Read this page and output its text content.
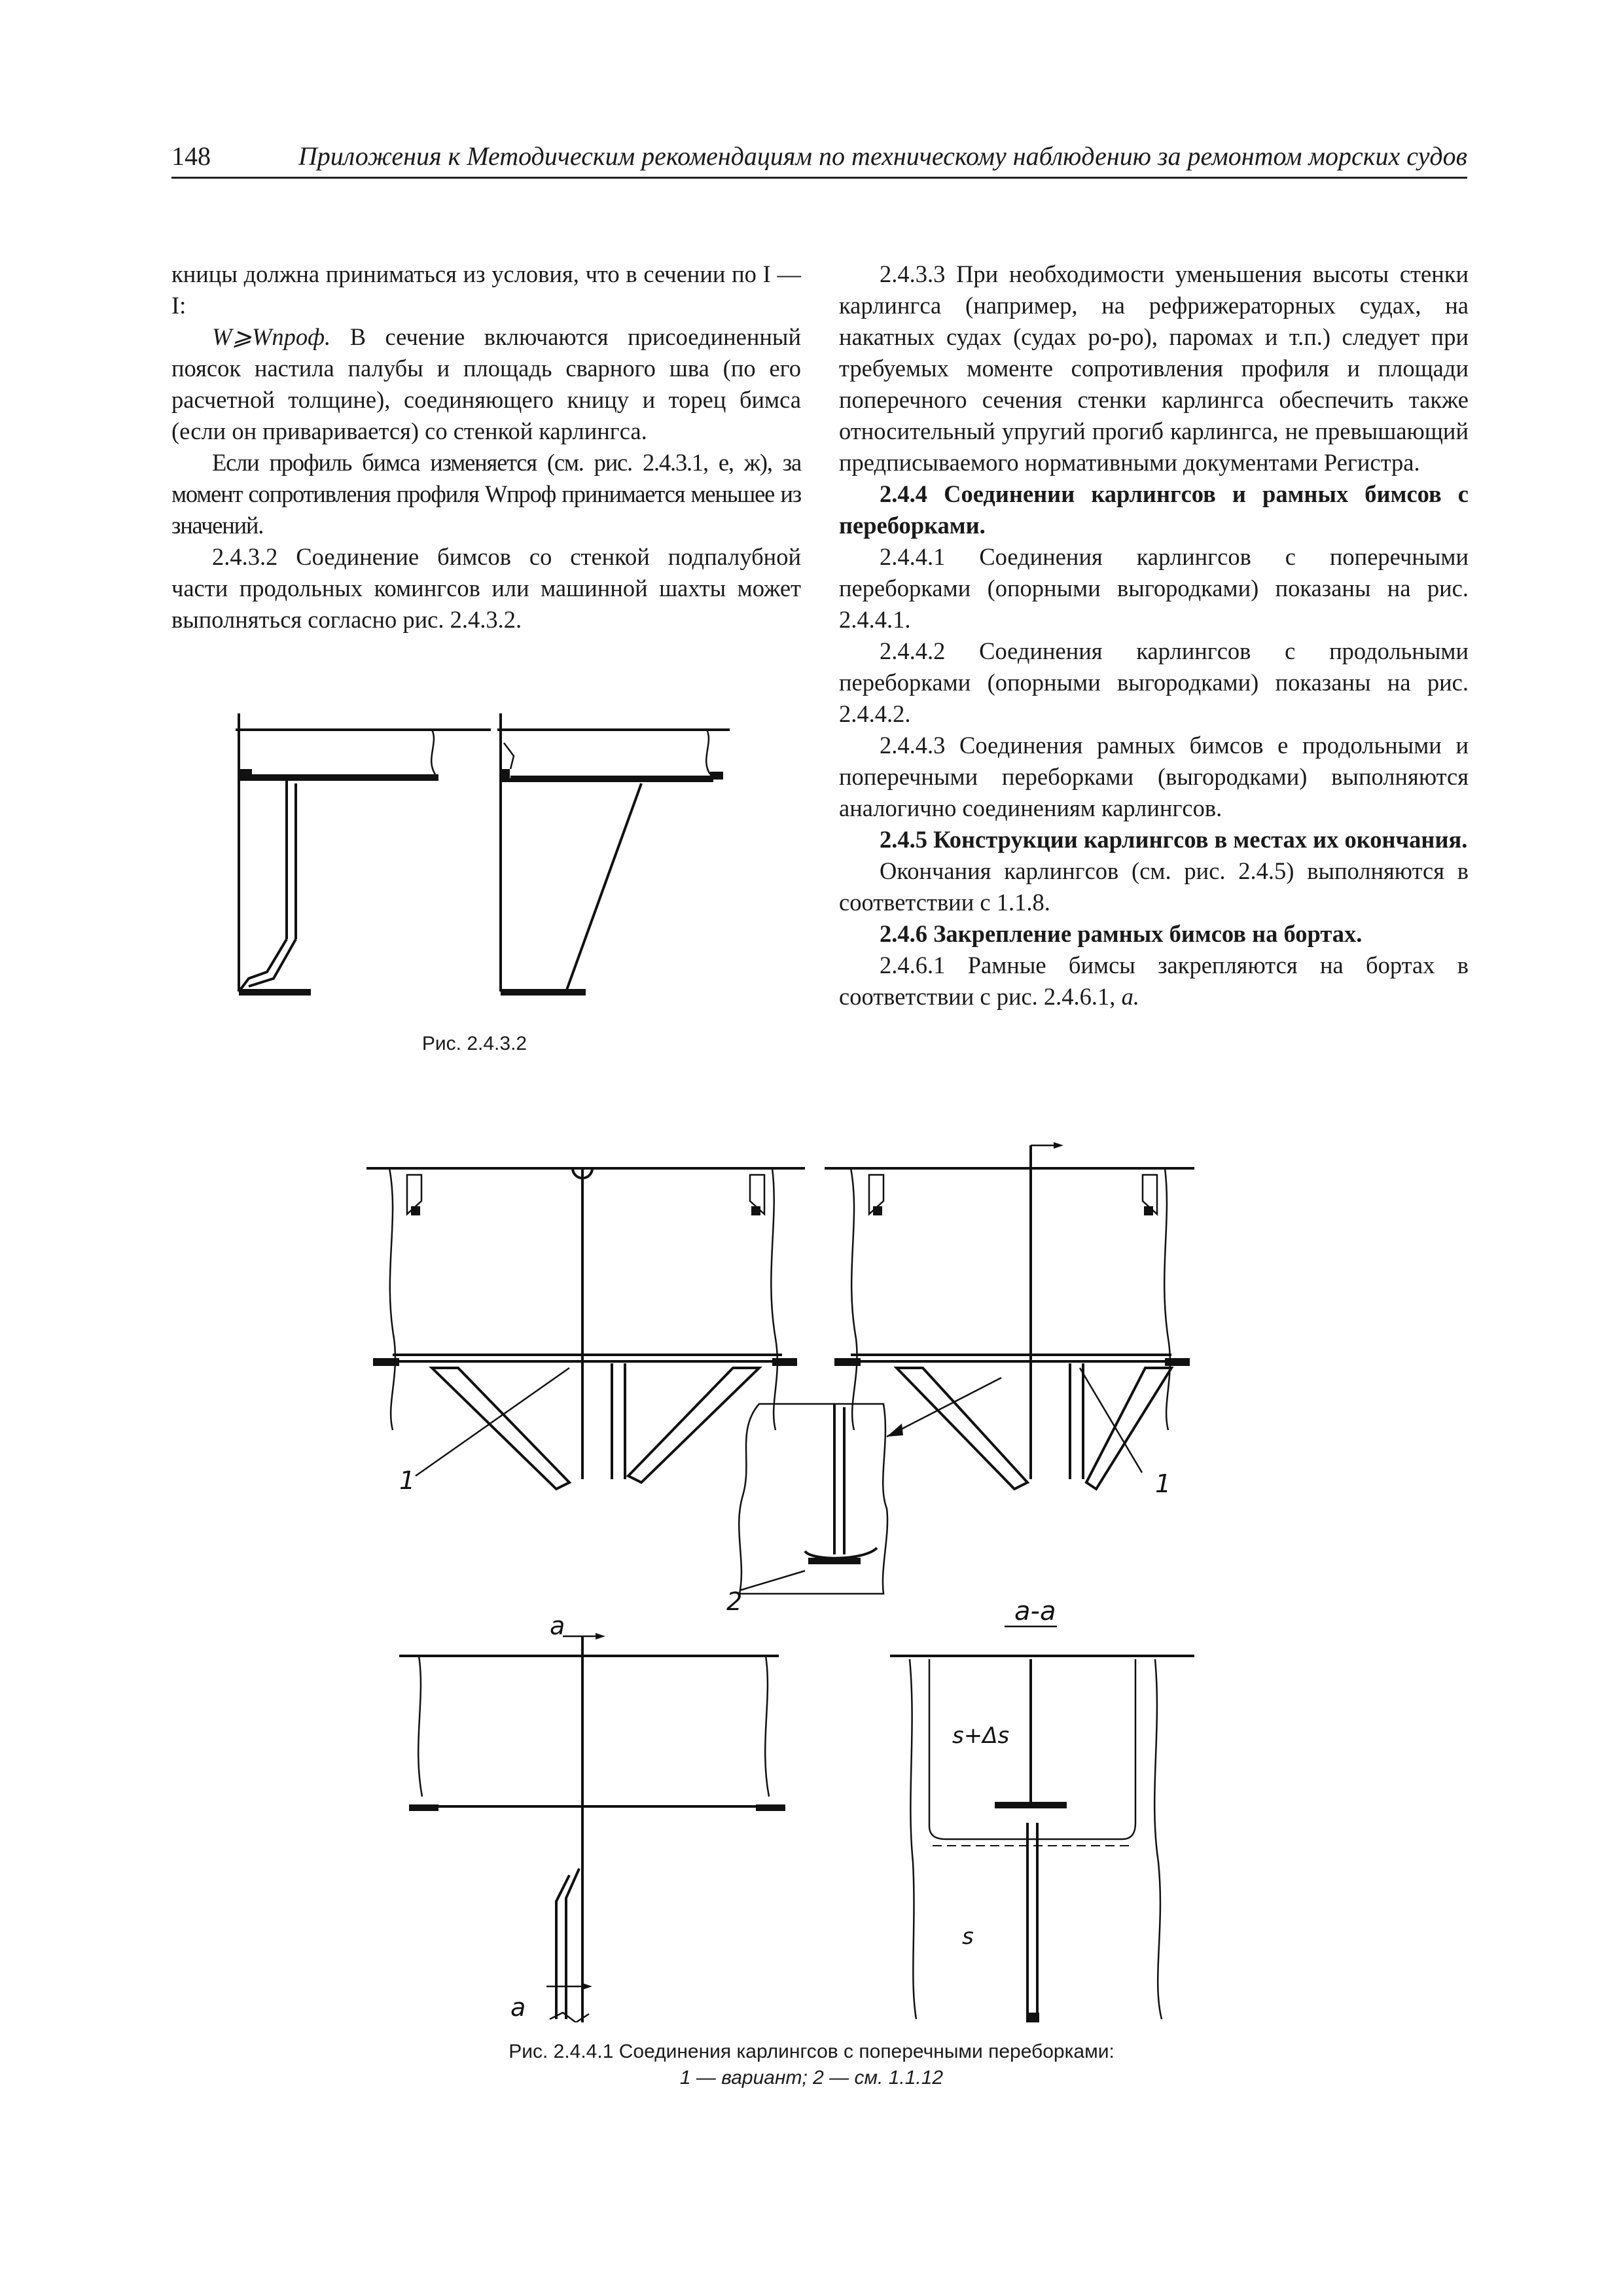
148	Приложения к Методическим рекомендациям по техническому наблюдению за ремонтом морских судов

кницы должна приниматься из условия, что в сечении по I — I:

W⩾Wпроф. В сечение включаются присоединенный поясок настила палубы и площадь сварного шва (по его расчетной толщине), соединяющего кницу и торец бимса (если он приваривается) со стенкой карлингса.

Если профиль бимса изменяется (см. рис. 2.4.3.1, е, ж), за момент сопротивления профиля Wпроф принимается меньшее из значений.

2.4.3.2 Соединение бимсов со стенкой подпалубной части продольных комингсов или машинной шахты может выполняться согласно рис. 2.4.3.2.

2.4.3.3 При необходимости уменьшения высоты стенки карлингса (например, на рефрижераторных судах, на накатных судах (судах ро-ро), паромах и т.п.) следует при требуемых моменте сопротивления профиля и площади поперечного сечения стенки карлингса обеспечить также относительный упругий прогиб карлингса, не превышающий предписываемого нормативными документами Регистра.

2.4.4 Соединении карлингсов и рамных бимсов с переборками.

2.4.4.1 Соединения карлингсов с поперечными переборками (опорными выгородками) показаны на рис. 2.4.4.1.

2.4.4.2 Соединения карлингсов с продольными переборками (опорными выгородками) показаны на рис. 2.4.4.2.

2.4.4.3 Соединения рамных бимсов е продольными и поперечными переборками (выгородками) выполняются аналогично соединениям карлингсов.

2.4.5 Конструкции карлингсов в местах их окончания.

Окончания карлингсов (см. рис. 2.4.5) выполняются в соответствии с 1.1.8.

2.4.6 Закрепление рамных бимсов на бортах.

2.4.6.1 Рамные бимсы закрепляются на бортах в соответствии с рис. 2.4.6.1, а.

Рис. 2.4.3.2
1
2
1
a
a
a-a
s+Δs
s
Рис. 2.4.4.1 Соединения карлингсов с поперечными переборками:
1 — вариант; 2 — см. 1.1.12
